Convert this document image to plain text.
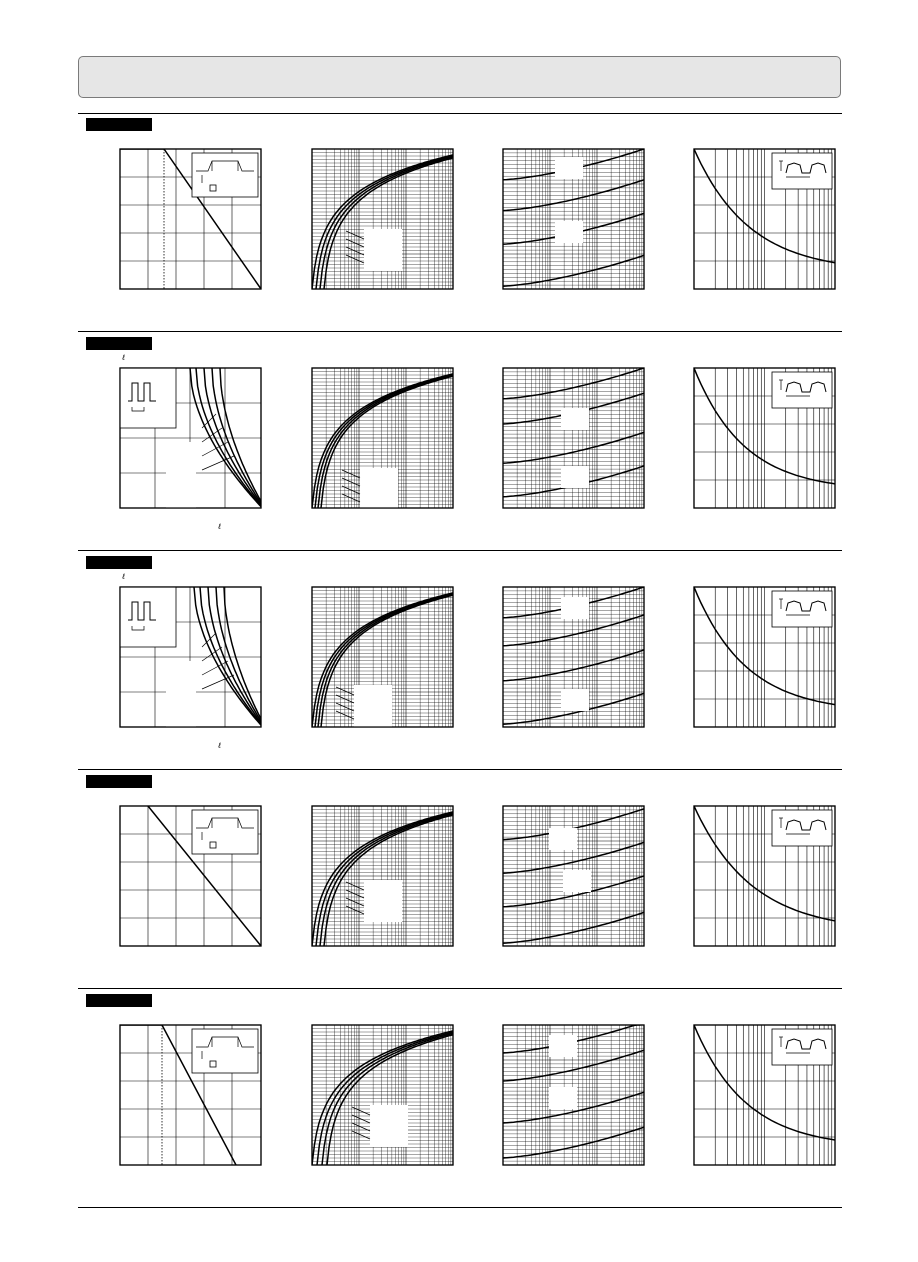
ℓ
ℓ
ℓ
ℓ
